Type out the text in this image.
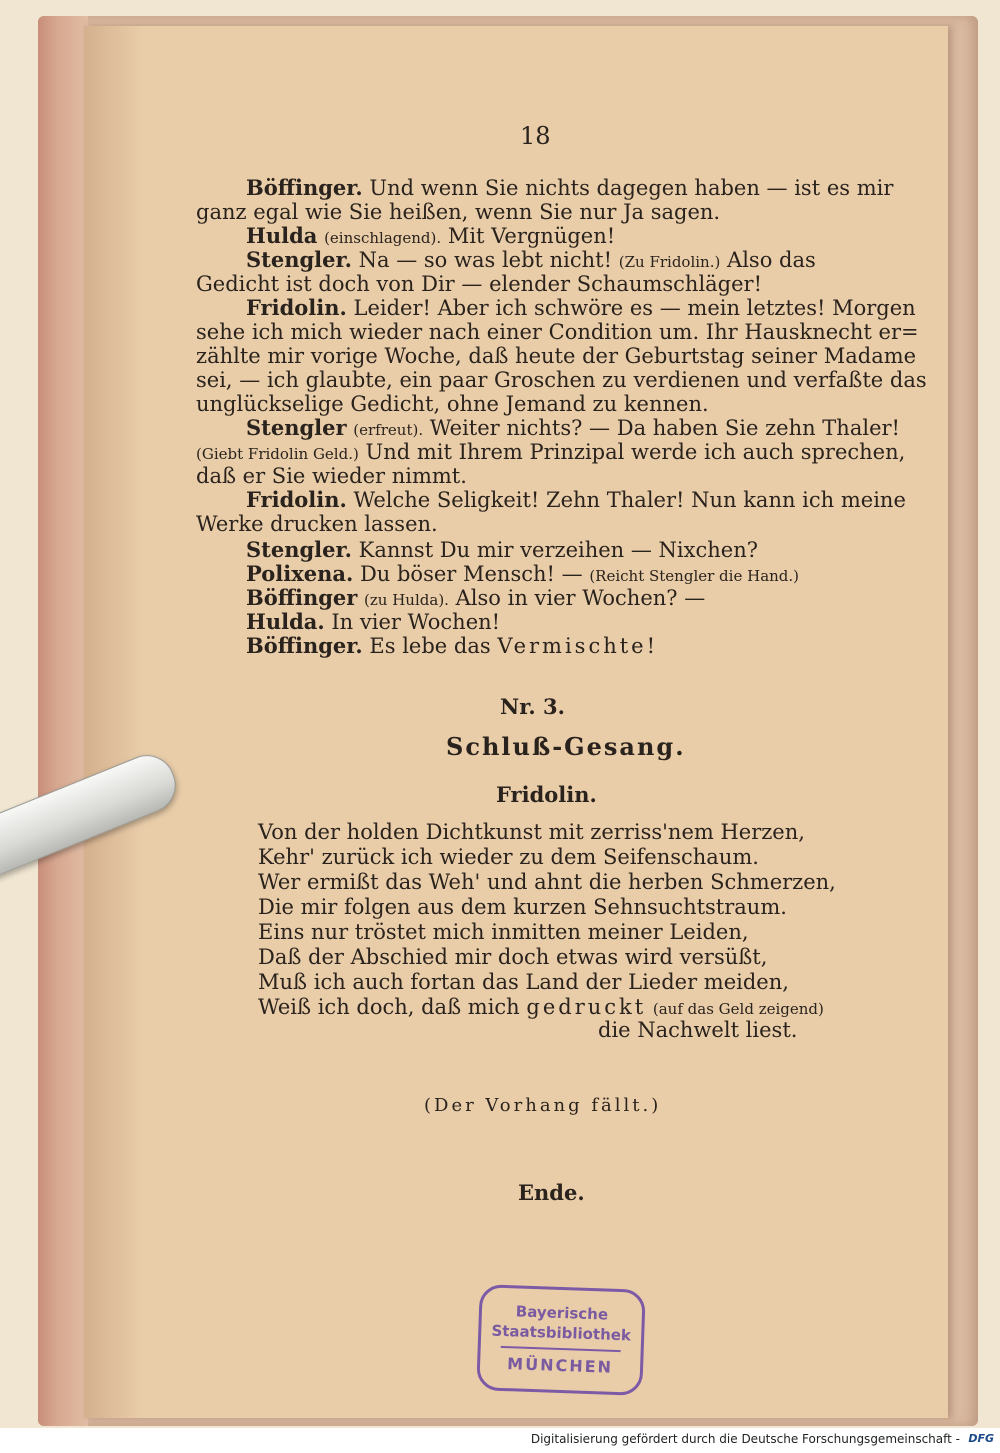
18
Böffinger. Und wenn Sie nichts dagegen haben — ist es mir
ganz egal wie Sie heißen, wenn Sie nur Ja sagen.
Hulda (einschlagend). Mit Vergnügen!
Stengler. Na — so was lebt nicht! (Zu Fridolin.) Also das
Gedicht ist doch von Dir — elender Schaumschläger!
Fridolin. Leider! Aber ich schwöre es — mein letztes! Morgen
sehe ich mich wieder nach einer Condition um. Ihr Hausknecht er=
zählte mir vorige Woche, daß heute der Geburtstag seiner Madame
sei, — ich glaubte, ein paar Groschen zu verdienen und verfaßte das
unglückselige Gedicht, ohne Jemand zu kennen.
Stengler (erfreut). Weiter nichts? — Da haben Sie zehn Thaler!
(Giebt Fridolin Geld.) Und mit Ihrem Prinzipal werde ich auch sprechen,
daß er Sie wieder nimmt.
Fridolin. Welche Seligkeit! Zehn Thaler! Nun kann ich meine
Werke drucken lassen.
Stengler. Kannst Du mir verzeihen — Nixchen?
Polixena. Du böser Mensch! — (Reicht Stengler die Hand.)
Böffinger (zu Hulda). Also in vier Wochen? —
Hulda. In vier Wochen!
Böffinger. Es lebe das Vermischte!
Nr. 3.
Schluß-Gesang.
Fridolin.
Von der holden Dichtkunst mit zerriss'nem Herzen,
Kehr' zurück ich wieder zu dem Seifenschaum.
Wer ermißt das Weh' und ahnt die herben Schmerzen,
Die mir folgen aus dem kurzen Sehnsuchtstraum.
Eins nur tröstet mich inmitten meiner Leiden,
Daß der Abschied mir doch etwas wird versüßt,
Muß ich auch fortan das Land der Lieder meiden,
Weiß ich doch, daß mich gedruckt (auf das Geld zeigend)
die Nachwelt liest.
(Der Vorhang fällt.)
Ende.
Bayerische
Staatsbibliothek
MÜNCHEN
Digitalisierung gefördert durch die Deutsche Forschungsgemeinschaft - DFG
